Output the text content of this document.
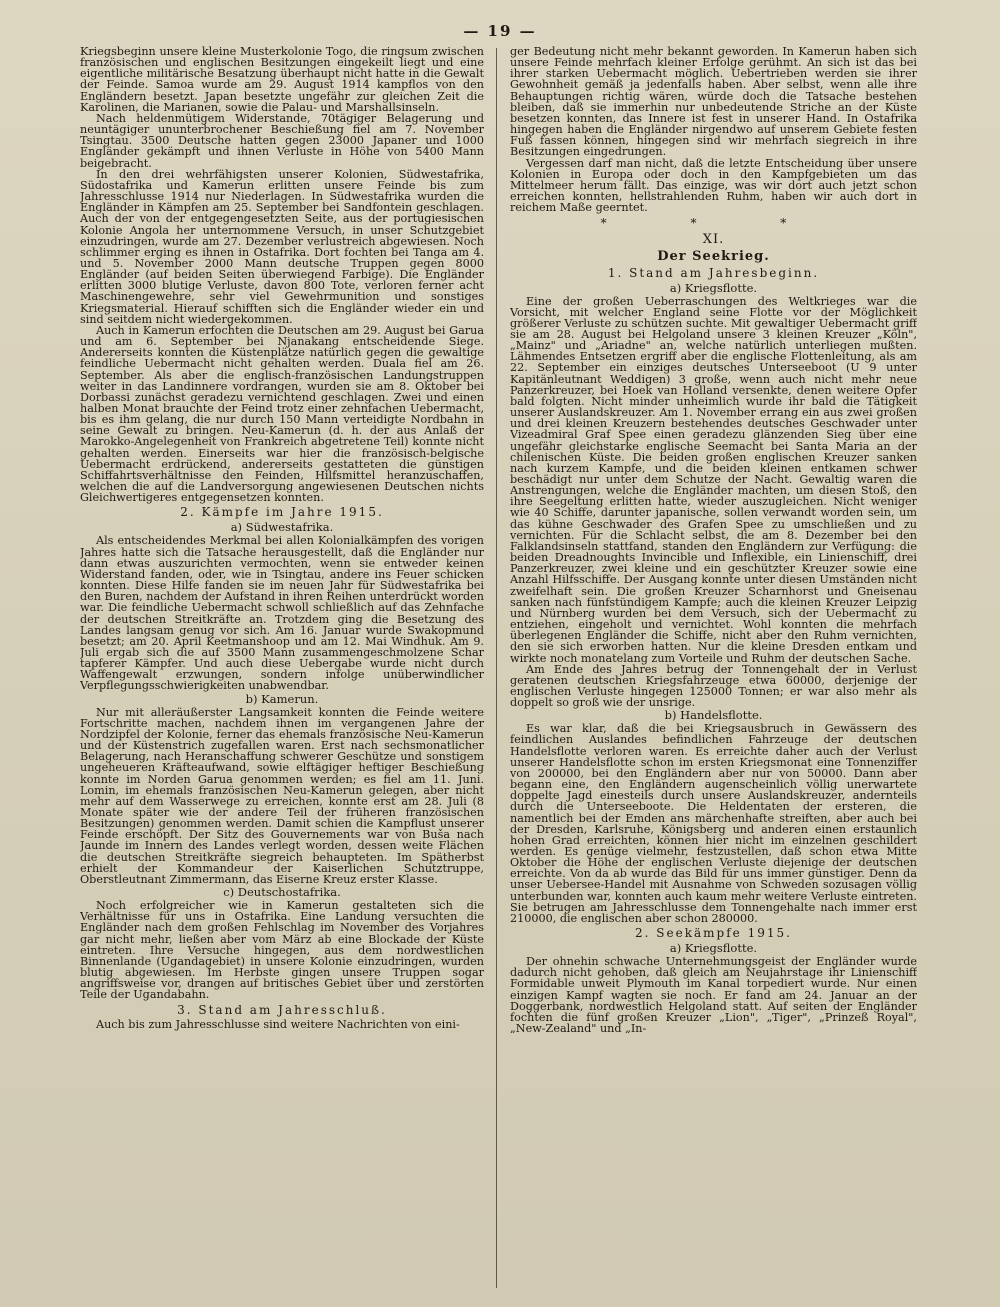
— 19 —

Kriegsbeginn unsere kleine Musterkolonie Togo, die ringsum zwischen französischen und englischen Besitzungen eingekeilt liegt und eine eigentliche militärische Besatzung überhaupt nicht hatte in die Gewalt der Feinde. Samoa wurde am 29. August 1914 kampflos von den Engländern besetzt. Japan besetzte ungefähr zur gleichen Zeit die Karolinen, die Marianen, sowie die Palau- und Marshallsinseln.

Nach heldenmütigem Widerstande, 70tägiger Belagerung und neuntägiger ununterbrochener Beschießung fiel am 7. November Tsingtau. 3500 Deutsche hatten gegen 23000 Japaner und 1000 Engländer gekämpft und ihnen Verluste in Höhe von 5400 Mann beigebracht.

In den drei wehrfähigsten unserer Kolonien, Südwestafrika, Südostafrika und Kamerun erlitten unsere Feinde bis zum Jahresschlusse 1914 nur Niederlagen. In Südwestafrika wurden die Engländer in Kämpfen am 25. September bei Sandfontein geschlagen. Auch der von der entgegengesetzten Seite, aus der portugiesischen Kolonie Angola her unternommene Versuch, in unser Schutzgebiet einzudringen, wurde am 27. Dezember verlustreich abgewiesen. Noch schlimmer erging es ihnen in Ostafrika. Dort fochten bei Tanga am 4. und 5. November 2000 Mann deutsche Truppen gegen 8000 Engländer (auf beiden Seiten überwiegend Farbige). Die Engländer erlitten 3000 blutige Verluste, davon 800 Tote, verloren ferner acht Maschinengewehre, sehr viel Gewehrmunition und sonstiges Kriegsmaterial. Hierauf schifften sich die Engländer wieder ein und sind seitdem nicht wiedergekommen.

Auch in Kamerun erfochten die Deutschen am 29. August bei Garua und am 6. September bei Njanakang entscheidende Siege. Andererseits konnten die Küstenplätze natürlich gegen die gewaltige feindliche Uebermacht nicht gehalten werden. Duala fiel am 26. September. Als aber die englisch-französischen Landungstruppen weiter in das Landinnere vordrangen, wurden sie am 8. Oktober bei Dorbassi zunächst geradezu vernichtend geschlagen. Zwei und einen halben Monat brauchte der Feind trotz einer zehnfachen Uebermacht, bis es ihm gelang, die nur durch 150 Mann verteidigte Nordbahn in seine Gewalt zu bringen. Neu-Kamerun (d. h. der aus Anlaß der Marokko-Angelegenheit von Frankreich abgetretene Teil) konnte nicht gehalten werden. Einerseits war hier die französisch-belgische Uebermacht erdrückend, andererseits gestatteten die günstigen Schiffahrtsverhältnisse den Feinden, Hilfsmittel heranzuschaffen, welchen die auf die Landversorgung angewiesenen Deutschen nichts Gleichwertigeres entgegensetzen konnten.

2. Kämpfe im Jahre 1915.
a) Südwestafrika.

Als entscheidendes Merkmal bei allen Kolonialkämpfen des vorigen Jahres hatte sich die Tatsache herausgestellt, daß die Engländer nur dann etwas auszurichten vermochten, wenn sie entweder keinen Widerstand fanden, oder, wie in Tsingtau, andere ins Feuer schicken konnten. Diese Hilfe fanden sie im neuen Jahr für Südwestafrika bei den Buren, nachdem der Aufstand in ihren Reihen unterdrückt worden war. Die feindliche Uebermacht schwoll schließlich auf das Zehnfache der deutschen Streitkräfte an. Trotzdem ging die Besetzung des Landes langsam genug vor sich. Am 16. Januar wurde Swakopmund besetzt; am 20. April Keetmanshoop und am 12. Mai Windhuk. Am 9. Juli ergab sich die auf 3500 Mann zusammengeschmolzene Schar tapferer Kämpfer. Und auch diese Uebergabe wurde nicht durch Waffengewalt erzwungen, sondern infolge unüberwindlicher Verpflegungsschwierigkeiten unabwendbar.

b) Kamerun.

Nur mit alleräußerster Langsamkeit konnten die Feinde weitere Fortschritte machen, nachdem ihnen im vergangenen Jahre der Nordzipfel der Kolonie, ferner das ehemals französische Neu-Kamerun und der Küstenstrich zugefallen waren. Erst nach sechsmonatlicher Belagerung, nach Heranschaffung schwerer Geschütze und sonstigem ungeheueren Kräfteaufwand, sowie elftägiger heftiger Beschießung konnte im Norden Garua genommen werden; es fiel am 11. Juni. Lomin, im ehemals französischen Neu-Kamerun gelegen, aber nicht mehr auf dem Wasserwege zu erreichen, konnte erst am 28. Juli (8 Monate später wie der andere Teil der früheren französischen Besitzungen) genommen werden. Damit schien die Kampflust unserer Feinde erschöpft. Der Sitz des Gouvernements war von Buša nach Jaunde im Innern des Landes verlegt worden, dessen weite Flächen die deutschen Streitkräfte siegreich behaupteten. Im Spätherbst erhielt der Kommandeur der Kaiserlichen Schutztruppe, Oberstleutnant Zimmermann, das Eiserne Kreuz erster Klasse.

c) Deutschostafrika.

Noch erfolgreicher wie in Kamerun gestalteten sich die Verhältnisse für uns in Ostafrika. Eine Landung versuchten die Engländer nach dem großen Fehlschlag im November des Vorjahres gar nicht mehr, ließen aber vom März ab eine Blockade der Küste eintreten. Ihre Versuche hingegen, aus dem nordwestlichen Binnenlande (Ugandagebiet) in unsere Kolonie einzudringen, wurden blutig abgewiesen. Im Herbste gingen unsere Truppen sogar angriffsweise vor, drangen auf britisches Gebiet über und zerstörten Teile der Ugandabahn.

3. Stand am Jahresschluß.

Auch bis zum Jahresschlusse sind weitere Nachrichten von eini-

ger Bedeutung nicht mehr bekannt geworden. In Kamerun haben sich unsere Feinde mehrfach kleiner Erfolge gerühmt. An sich ist das bei ihrer starken Uebermacht möglich. Uebertrieben werden sie ihrer Gewohnheit gemäß ja jedenfalls haben. Aber selbst, wenn alle ihre Behauptungen richtig wären, würde doch die Tatsache bestehen bleiben, daß sie immerhin nur unbedeutende Striche an der Küste besetzen konnten, das Innere ist fest in unserer Hand. In Ostafrika hingegen haben die Engländer nirgendwo auf unserem Gebiete festen Fuß fassen können, hingegen sind wir mehrfach siegreich in ihre Besitzungen eingedrungen.

Vergessen darf man nicht, daß die letzte Entscheidung über unsere Kolonien in Europa oder doch in den Kampfgebieten um das Mittelmeer herum fällt. Das einzige, was wir dort auch jetzt schon erreichen konnten, hellstrahlenden Ruhm, haben wir auch dort in reichem Maße geerntet.

* * *
XI.
Der Seekrieg.
1. Stand am Jahresbeginn.
a) Kriegsflotte.

Eine der großen Ueberraschungen des Weltkrieges war die Vorsicht, mit welcher England seine Flotte vor der Möglichkeit größerer Verluste zu schützen suchte. Mit gewaltiger Uebermacht griff sie am 28. August bei Helgoland unsere 3 kleinen Kreuzer „Köln", „Mainz" und „Ariadne" an, welche natürlich unterliegen mußten. Lähmendes Entsetzen ergriff aber die englische Flottenleitung, als am 22. September ein einziges deutsches Unterseeboot (U 9 unter Kapitänleutnant Weddigen) 3 große, wenn auch nicht mehr neue Panzerkreuzer, bei Hoek van Holland versenkte, denen weitere Opfer bald folgten. Nicht minder unheimlich wurde ihr bald die Tätigkeit unserer Auslandskreuzer. Am 1. November errang ein aus zwei großen und drei kleinen Kreuzern bestehendes deutsches Geschwader unter Vizeadmiral Graf Spee einen geradezu glänzenden Sieg über eine ungefähr gleichstarke englische Seemacht bei Santa Maria an der chilenischen Küste. Die beiden großen englischen Kreuzer sanken nach kurzem Kampfe, und die beiden kleinen entkamen schwer beschädigt nur unter dem Schutze der Nacht. Gewaltig waren die Anstrengungen, welche die Engländer machten, um diesen Stoß, den ihre Seegeltung erlitten hatte, wieder auszugleichen. Nicht weniger wie 40 Schiffe, darunter japanische, sollen verwandt worden sein, um das kühne Geschwader des Grafen Spee zu umschließen und zu vernichten. Für die Schlacht selbst, die am 8. Dezember bei den Falklandsinseln stattfand, standen den Engländern zur Verfügung: die beiden Dreadnoughts Invincible und Inflexible, ein Linienschiff, drei Panzerkreuzer, zwei kleine und ein geschützter Kreuzer sowie eine Anzahl Hilfsschiffe. Der Ausgang konnte unter diesen Umständen nicht zweifelhaft sein. Die großen Kreuzer Scharnhorst und Gneisenau sanken nach fünfstündigem Kampfe; auch die kleinen Kreuzer Leipzig und Nürnberg wurden bei dem Versuch, sich der Uebermacht zu entziehen, eingeholt und vernichtet. Wohl konnten die mehrfach überlegenen Engländer die Schiffe, nicht aber den Ruhm vernichten, den sie sich erworben hatten. Nur die kleine Dresden entkam und wirkte noch monatelang zum Vorteile und Ruhm der deutschen Sache.

Am Ende des Jahres betrug der Tonnengehalt der in Verlust geratenen deutschen Kriegsfahrzeuge etwa 60000, derjenige der englischen Verluste hingegen 125000 Tonnen; er war also mehr als doppelt so groß wie der unsrige.

b) Handelsflotte.

Es war klar, daß die bei Kriegsausbruch in Gewässern des feindlichen Auslandes befindlichen Fahrzeuge der deutschen Handelsflotte verloren waren. Es erreichte daher auch der Verlust unserer Handelsflotte schon im ersten Kriegsmonat eine Tonnenziffer von 200000, bei den Engländern aber nur von 50000. Dann aber begann eine, den Engländern augenscheinlich völlig unerwartete doppelte Jagd einesteils durch unsere Auslandskreuzer, andernteils durch die Unterseeboote. Die Heldentaten der ersteren, die namentlich bei der Emden ans märchenhafte streiften, aber auch bei der Dresden, Karlsruhe, Königsberg und anderen einen erstaunlich hohen Grad erreichten, können hier nicht im einzelnen geschildert werden. Es genüge vielmehr, festzustellen, daß schon etwa Mitte Oktober die Höhe der englischen Verluste diejenige der deutschen erreichte. Von da ab wurde das Bild für uns immer günstiger. Denn da unser Uebersee-Handel mit Ausnahme von Schweden sozusagen völlig unterbunden war, konnten auch kaum mehr weitere Verluste eintreten. Sie betrugen am Jahresschlusse dem Tonnengehalte nach immer erst 210000, die englischen aber schon 280000.

2. Seekämpfe 1915.
a) Kriegsflotte.

Der ohnehin schwache Unternehmungsgeist der Engländer wurde dadurch nicht gehoben, daß gleich am Neujahrstage ihr Linienschiff Formidable unweit Plymouth im Kanal torpediert wurde. Nur einen einzigen Kampf wagten sie noch. Er fand am 24. Januar an der Doggerbank, nordwestlich Helgoland statt. Auf seiten der Engländer fochten die fünf großen Kreuzer „Lion", „Tiger", „Prinzeß Royal", „New-Zealand" und „In-
